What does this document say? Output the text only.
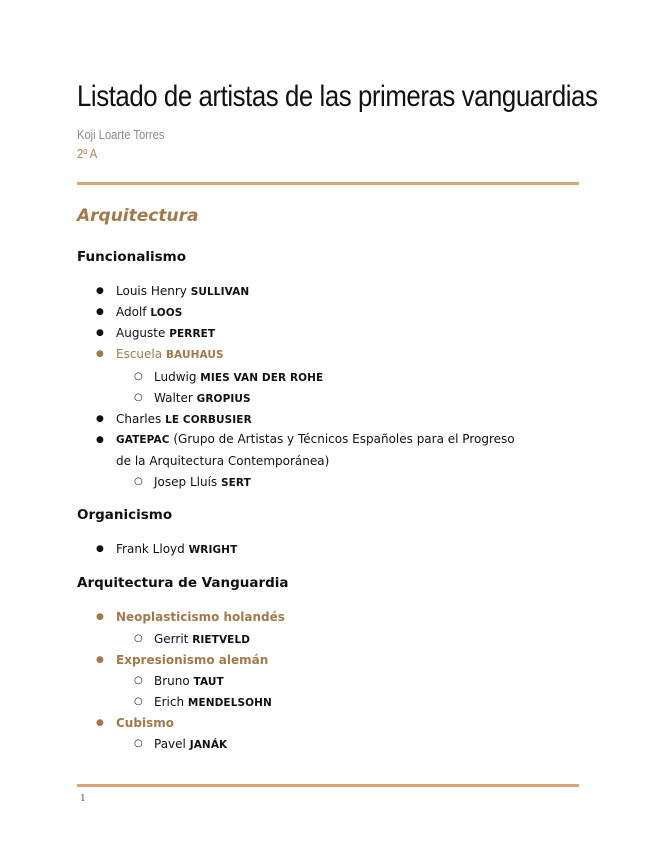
Listado de artistas de las primeras vanguardias
Koji Loarte Torres
2º A
Arquitectura
Funcionalismo
● Louis Henry SULLIVAN
● Adolf LOOS
● Auguste PERRET
● Escuela BAUHAUS
○ Ludwig MIES VAN DER ROHE
○ Walter GROPIUS
● Charles LE CORBUSIER
● GATEPAC (Grupo de Artistas y Técnicos Españoles para el Progreso de la Arquitectura Contemporánea)
○ Josep Lluís SERT
Organicismo
● Frank Lloyd WRIGHT
Arquitectura de Vanguardia
● Neoplasticismo holandés
○ Gerrit RIETVELD
● Expresionismo alemán
○ Bruno TAUT
○ Erich MENDELSOHN
● Cubismo
○ Pavel JANÁK
1
